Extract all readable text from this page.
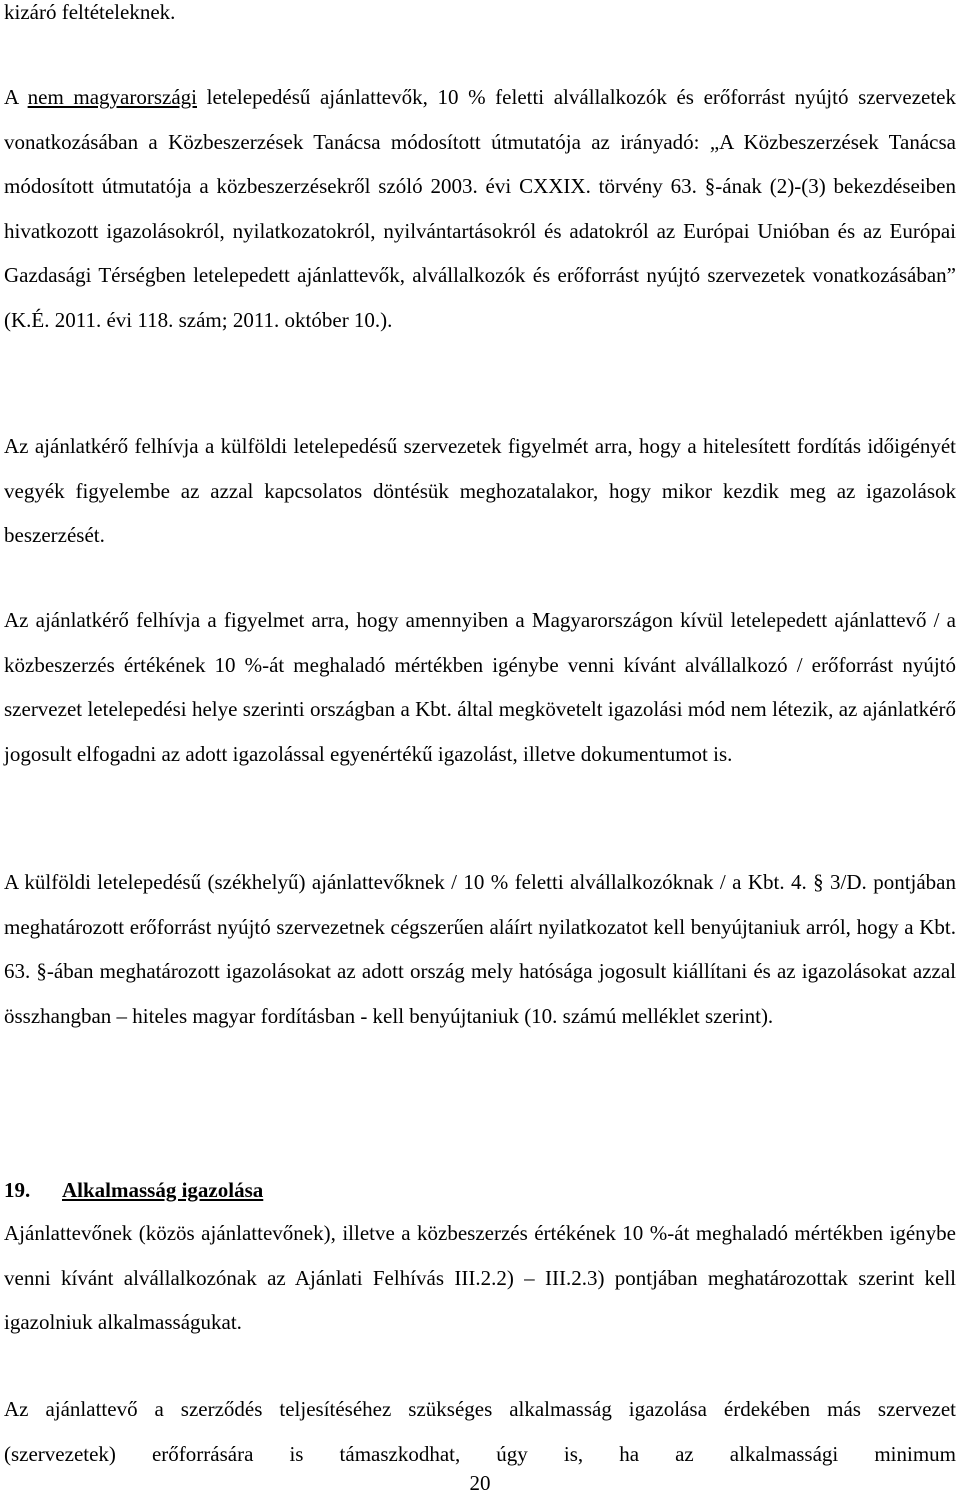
kizáró feltételeknek.

A nem magyarországi letelepedésű ajánlattevők, 10 % feletti alvállalkozók és erőforrást nyújtó szervezetek vonatkozásában a Közbeszerzések Tanácsa módosított útmutatója az irányadó: „A Közbeszerzések Tanácsa módosított útmutatója a közbeszerzésekről szóló 2003. évi CXXIX. törvény 63. §-ának (2)-(3) bekezdéseiben hivatkozott igazolásokról, nyilatkozatokról, nyilvántartásokról és adatokról az Európai Unióban és az Európai Gazdasági Térségben letelepedett ajánlattevők, alvállalkozók és erőforrást nyújtó szervezetek vonatkozásában” (K.É. 2011. évi 118. szám; 2011. október 10.).

Az ajánlatkérő felhívja a külföldi letelepedésű szervezetek figyelmét arra, hogy a hitelesített fordítás időigényét vegyék figyelembe az azzal kapcsolatos döntésük meghozatalakor, hogy mikor kezdik meg az igazolások beszerzését.

Az ajánlatkérő felhívja a figyelmet arra, hogy amennyiben a Magyarországon kívül letelepedett ajánlattevő / a közbeszerzés értékének 10 %-át meghaladó mértékben igénybe venni kívánt alvállalkozó / erőforrást nyújtó szervezet letelepedési helye szerinti országban a Kbt. által megkövetelt igazolási mód nem létezik, az ajánlatkérő jogosult elfogadni az adott igazolással egyenértékű igazolást, illetve dokumentumot is.

A külföldi letelepedésű (székhelyű) ajánlattevőknek / 10 % feletti alvállalkozóknak / a Kbt. 4. § 3/D. pontjában meghatározott erőforrást nyújtó szervezetnek cégszerűen aláírt nyilatkozatot kell benyújtaniuk arról, hogy a Kbt. 63. §-ában meghatározott igazolásokat az adott ország mely hatósága jogosult kiállítani és az igazolásokat azzal összhangban – hiteles magyar fordításban - kell benyújtaniuk (10. számú melléklet szerint).

19. Alkalmasság igazolása

Ajánlattevőnek (közös ajánlattevőnek), illetve a közbeszerzés értékének 10 %-át meghaladó mértékben igénybe venni kívánt alvállalkozónak az Ajánlati Felhívás III.2.2) – III.2.3) pontjában meghatározottak szerint kell igazolniuk alkalmasságukat.

Az ajánlattevő a szerződés teljesítéséhez szükséges alkalmasság igazolása érdekében más szervezet (szervezetek) erőforrására is támaszkodhat, úgy is, ha az alkalmassági minimum

20
